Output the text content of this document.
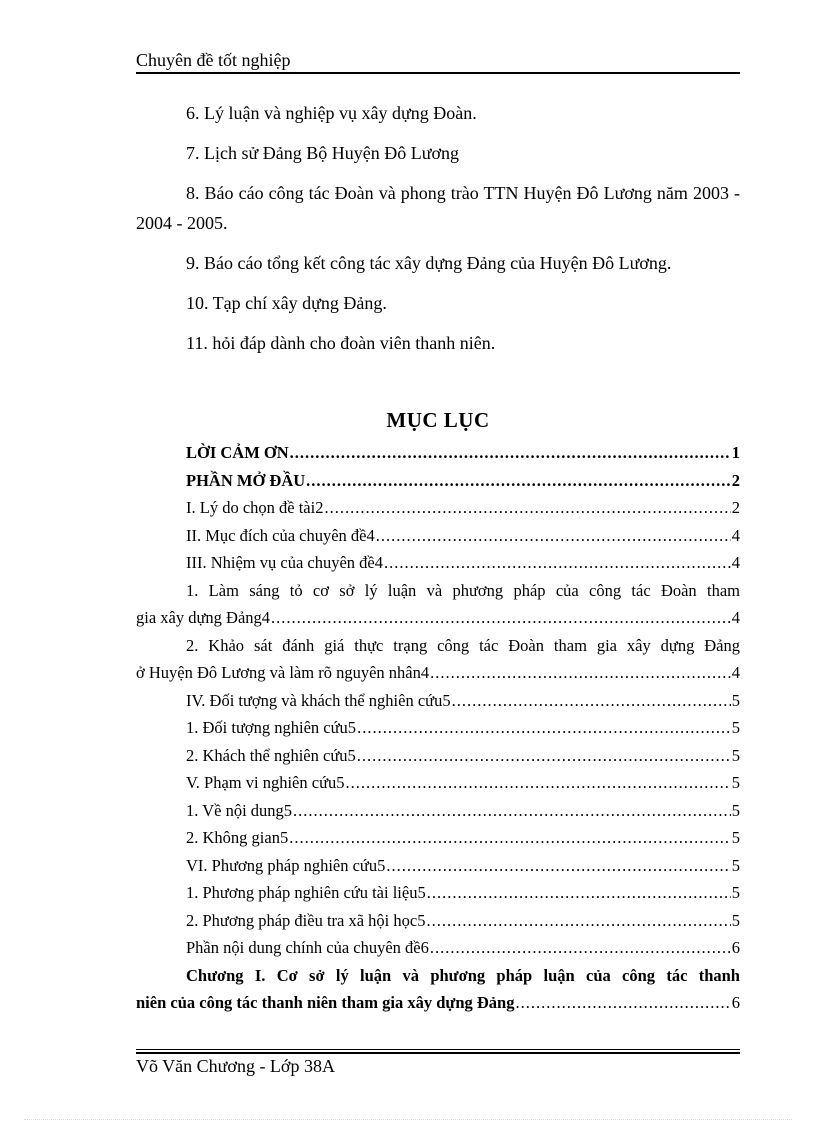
Chuyên đề tốt nghiệp
6. Lý luận và nghiệp vụ xây dựng Đoàn.
7. Lịch sử Đảng Bộ Huyện Đô Lương
8. Báo cáo công tác Đoàn và phong trào TTN Huyện Đô Lương năm 2003 - 2004 - 2005.
9. Báo cáo tổng kết công tác xây dựng Đảng của Huyện Đô Lương.
10. Tạp chí xây dựng Đảng.
11. hỏi đáp dành cho đoàn viên thanh niên.
MỤC LỤC
LỜI CẢM ƠN .....	1
PHẦN MỞ ĐẦU .....	2
I. Lý do chọn đề tài2 .....	2
II. Mục đích của chuyên đề4 .....	4
III. Nhiệm vụ của chuyên đề4 .....	4
1. Làm sáng tỏ cơ sở lý luận và phương pháp của công tác Đoàn tham
gia xây dựng Đảng4 .....	4
2. Khảo sát đánh giá thực trạng công tác Đoàn tham gia xây dựng Đảng
ở Huyện Đô Lương và làm rõ nguyên nhân4 .....	4
IV. Đối tượng và khách thể nghiên cứu5 .....	5
1. Đối tượng nghiên cứu5 .....	5
2. Khách thể nghiên cứu5 .....	5
V. Phạm vi nghiên cứu5 .....	5
1. Về nội dung5 .....	5
2. Không gian5 .....	5
VI. Phương pháp nghiên cứu5 .....	5
1. Phương pháp nghiên cứu tài liệu5 .....	5
2. Phương pháp điều tra xã hội học5 .....	5
Phần nội dung chính của chuyên đề6 .....	6
Chương I. Cơ sở lý luận và phương pháp luận của công tác thanh
niên của công tác thanh niên tham gia xây dựng Đảng .....	6
Võ Văn Chương - Lớp 38A
